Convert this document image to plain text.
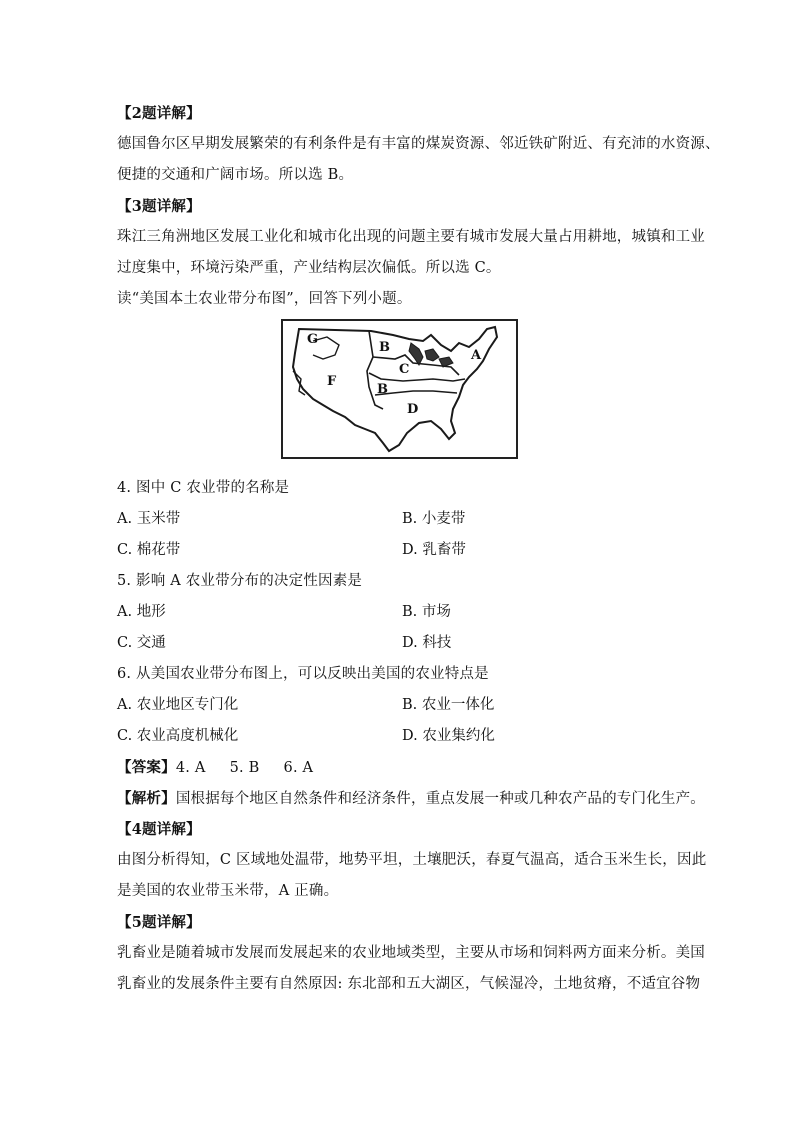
【2题详解】
德国鲁尔区早期发展繁荣的有利条件是有丰富的煤炭资源、邻近铁矿附近、有充沛的水资源、
便捷的交通和广阔市场。所以选 B。
【3题详解】
珠江三角洲地区发展工业化和城市化出现的问题主要有城市发展大量占用耕地，城镇和工业
过度集中，环境污染严重，产业结构层次偏低。所以选 C。
读“美国本土农业带分布图”，回答下列小题。
G
B
A
C
F
B
D
4. 图中 C 农业带的名称是
A. 玉米带	B. 小麦带
C. 棉花带	D. 乳畜带
5. 影响 A 农业带分布的决定性因素是
A. 地形	B. 市场
C. 交通	D. 科技
6. 从美国农业带分布图上，可以反映出美国的农业特点是
A. 农业地区专门化	B. 农业一体化
C. 农业高度机械化	D. 农业集约化
【答案】4. A     5. B     6. A
【解析】国根据每个地区自然条件和经济条件，重点发展一种或几种农产品的专门化生产。
【4题详解】
由图分析得知，C 区域地处温带，地势平坦，土壤肥沃，春夏气温高，适合玉米生长，因此
是美国的农业带玉米带，A 正确。
【5题详解】
乳畜业是随着城市发展而发展起来的农业地域类型，主要从市场和饲料两方面来分析。美国
乳畜业的发展条件主要有自然原因: 东北部和五大湖区，气候湿冷，土地贫瘠，不适宜谷物
